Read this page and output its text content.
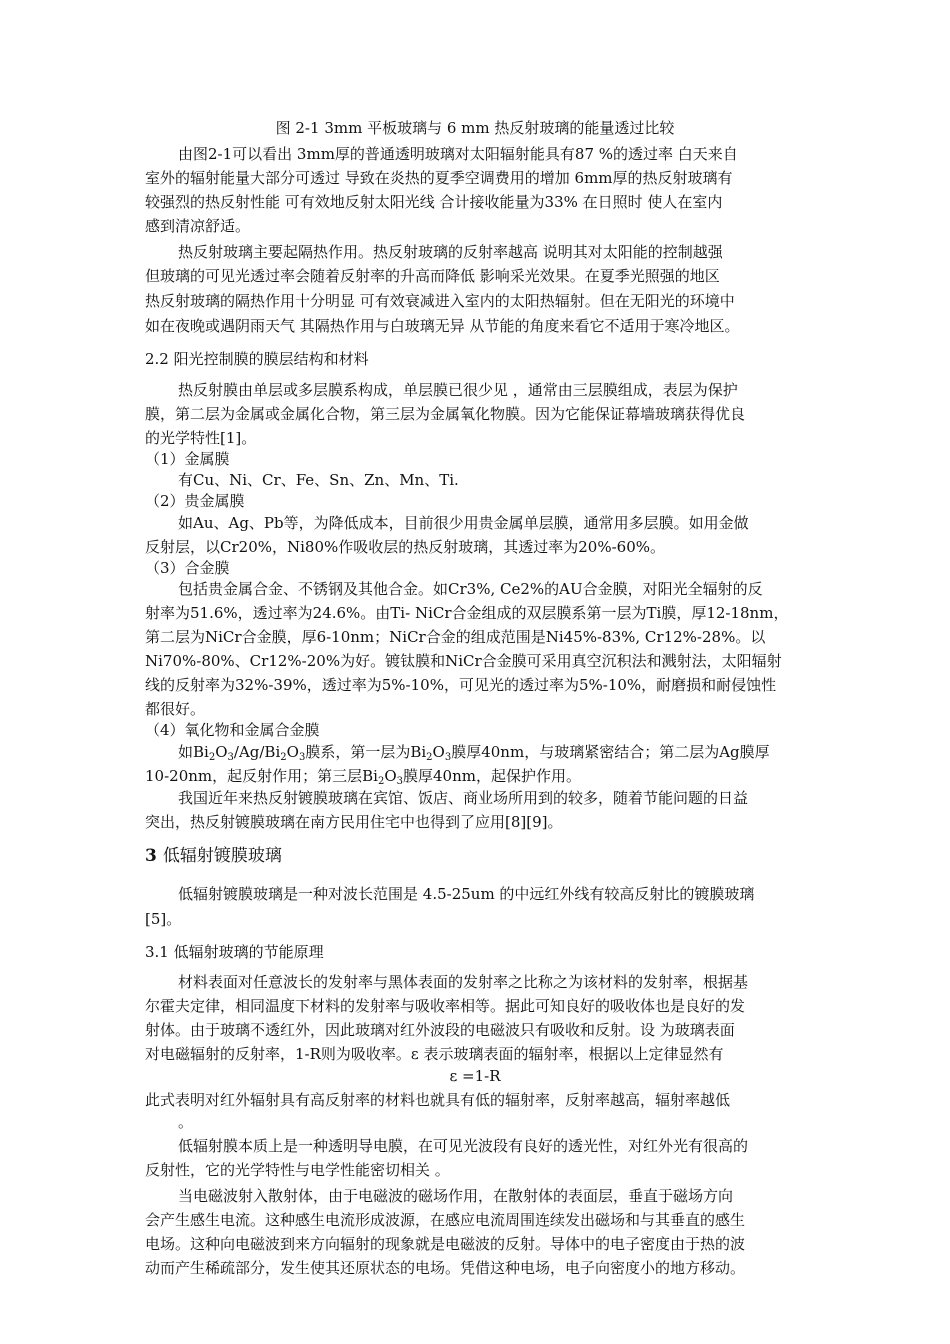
图 2-1 3mm 平板玻璃与 6 mm 热反射玻璃的能量透过比较
由图2-1可以看出 3mm厚的普通透明玻璃对太阳辐射能具有87 %的透过率 白天来自
室外的辐射能量大部分可透过 导致在炎热的夏季空调费用的增加 6mm厚的热反射玻璃有
较强烈的热反射性能 可有效地反射太阳光线 合计接收能量为33% 在日照时 使人在室内
感到清凉舒适。
热反射玻璃主要起隔热作用。热反射玻璃的反射率越高 说明其对太阳能的控制越强
但玻璃的可见光透过率会随着反射率的升高而降低 影响采光效果。在夏季光照强的地区
热反射玻璃的隔热作用十分明显 可有效衰减进入室内的太阳热辐射。但在无阳光的环境中
如在夜晚或遇阴雨天气 其隔热作用与白玻璃无异 从节能的角度来看它不适用于寒冷地区。
2.2 阳光控制膜的膜层结构和材料
热反射膜由单层或多层膜系构成，单层膜已很少见 ，通常由三层膜组成，表层为保护
膜，第二层为金属或金属化合物，第三层为金属氧化物膜。因为它能保证幕墙玻璃获得优良
的光学特性[1]。
（1）金属膜
有Cu、Ni、Cr、Fe、Sn、Zn、Mn、Ti.
（2）贵金属膜
如Au、Ag、Pb等，为降低成本，目前很少用贵金属单层膜，通常用多层膜。如用金做
反射层，以Cr20%，Ni80%作吸收层的热反射玻璃，其透过率为20%-60%。
（3）合金膜
包括贵金属合金、不锈钢及其他合金。如Cr3%, Ce2%的AU合金膜，对阳光全辐射的反
射率为51.6%，透过率为24.6%。由Ti- NiCr合金组成的双层膜系第一层为Ti膜，厚12-18nm，
第二层为NiCr合金膜，厚6-10nm；NiCr合金的组成范围是Ni45%-83%, Cr12%-28%。以
Ni70%-80%、Cr12%-20%为好。镀钛膜和NiCr合金膜可采用真空沉积法和溅射法，太阳辐射
线的反射率为32%-39%，透过率为5%-10%，可见光的透过率为5%-10%，耐磨损和耐侵蚀性
都很好。
（4）氧化物和金属合金膜
如$Bi_2O_3/Ag/Bi_2O_3$膜系，第一层为$Bi_2O_3$膜厚40nm，与玻璃紧密结合；第二层为Ag膜厚
10-20nm，起反射作用；第三层$Bi_2O_3$膜厚40nm，起保护作用。
我国近年来热反射镀膜玻璃在宾馆、饭店、商业场所用到的较多，随着节能问题的日益
突出，热反射镀膜玻璃在南方民用住宅中也得到了应用[8][9]。
3 低辐射镀膜玻璃
低辐射镀膜玻璃是一种对波长范围是 4.5-25um 的中远红外线有较高反射比的镀膜玻璃
[5]。
3.1 低辐射玻璃的节能原理
材料表面对任意波长的发射率与黑体表面的发射率之比称之为该材料的发射率，根据基
尔霍夫定律，相同温度下材料的发射率与吸收率相等。据此可知良好的吸收体也是良好的发
射体。由于玻璃不透红外，因此玻璃对红外波段的电磁波只有吸收和反射。设 为玻璃表面
对电磁辐射的反射率，1-R则为吸收率。ε 表示玻璃表面的辐射率，根据以上定律显然有
ε =1-R
此式表明对红外辐射具有高反射率的材料也就具有低的辐射率，反射率越高，辐射率越低
。
低辐射膜本质上是一种透明导电膜，在可见光波段有良好的透光性，对红外光有很高的
反射性，它的光学特性与电学性能密切相关 。
当电磁波射入散射体，由于电磁波的磁场作用，在散射体的表面层，垂直于磁场方向
会产生感生电流。这种感生电流形成波源，在感应电流周围连续发出磁场和与其垂直的感生
电场。这种向电磁波到来方向辐射的现象就是电磁波的反射。导体中的电子密度由于热的波
动而产生稀疏部分，发生使其还原状态的电场。凭借这种电场，电子向密度小的地方移动。
